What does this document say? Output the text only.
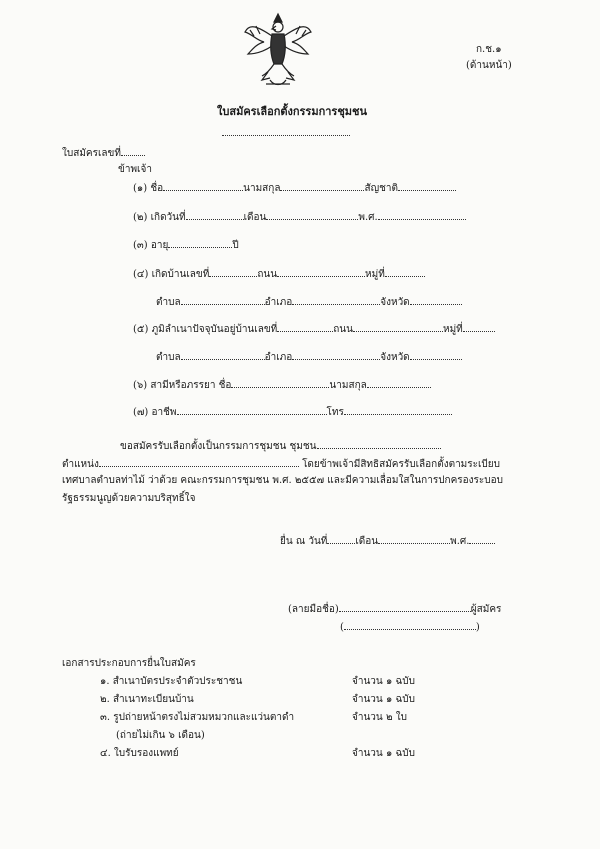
ก.ช.๑
(ด้านหน้า)
ใบสมัครเลือกตั้งกรรมการชุมชน
ใบสมัครเลขที่
ข้าพเจ้า
(๑) ชื่อ	นามสกุล	สัญชาติ
(๒) เกิดวันที่	เดือน	พ.ศ.
(๓) อายุ	ปี
(๔) เกิดบ้านเลขที่	ถนน	หมู่ที่
ตำบล	อำเภอ	จังหวัด
(๕) ภูมิลำเนาปัจจุบันอยู่บ้านเลขที่	ถนน	หมู่ที่
ตำบล	อำเภอ	จังหวัด
(๖) สามีหรือภรรยา ชื่อ	นามสกุล
(๗) อาชีพ	โทร
ขอสมัครรับเลือกตั้งเป็นกรรมการชุมชน ชุมชน
ตำแหน่ง	โดยข้าพเจ้ามีสิทธิสมัครรับเลือกตั้งตามระเบียบ
เทศบาลตำบลท่าไม้ ว่าด้วย คณะกรรมการชุมชน พ.ศ. ๒๕๕๗ และมีความเลื่อมใสในการปกครองระบอบ
รัฐธรรมนูญด้วยความบริสุทธิ์ใจ
ยื่น ณ วันที่	เดือน	พ.ศ.
(ลายมือชื่อ)	ผู้สมัคร
(	)
เอกสารประกอบการยื่นใบสมัคร
๑. สำเนาบัตรประจำตัวประชาชน	จำนวน ๑ ฉบับ
๒. สำเนาทะเบียนบ้าน	จำนวน ๑ ฉบับ
๓. รูปถ่ายหน้าตรงไม่สวมหมวกและแว่นตาดำ	จำนวน ๒ ใบ
(ถ่ายไม่เกิน ๖ เดือน)
๔. ใบรับรองแพทย์	จำนวน ๑ ฉบับ
